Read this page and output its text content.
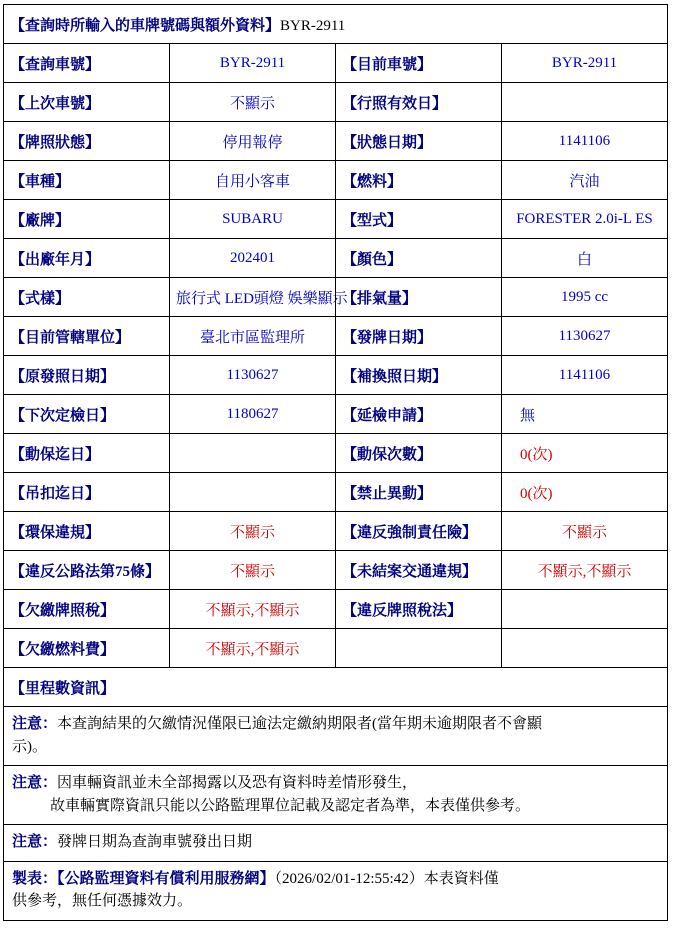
【查詢時所輸入的車牌號碼與額外資料】BYR-2911			
【查詢車號】	BYR-2911	【目前車號】	BYR-2911
【上次車號】	不顯示	【行照有效日】	
【牌照狀態】	停用報停	【狀態日期】	1141106
【車種】	自用小客車	【燃料】	汽油
【廠牌】	SUBARU	【型式】	FORESTER 2.0i-L ES
【出廠年月】	202401	【顏色】	白
【式樣】	旅行式 LED頭燈 娛樂顯示	【排氣量】	1995 cc
【目前管轄單位】	臺北市區監理所	【發牌日期】	1130627
【原發照日期】	1130627	【補換照日期】	1141106
【下次定檢日】	1180627	【延檢申請】	無
【動保迄日】		【動保次數】	0(次)
【吊扣迄日】		【禁止異動】	0(次)
【環保違規】	不顯示	【違反強制責任險】	不顯示
【違反公路法第75條】	不顯示	【未結案交通違規】	不顯示,不顯示
【欠繳牌照稅】	不顯示,不顯示	【違反牌照稅法】	
【欠繳燃料費】	不顯示,不顯示		
【里程數資訊】			
注意：本查詢結果的欠繳情況僅限已逾法定繳納期限者(當年期未逾期限者不會顯
示)。
注意：因車輛資訊並未全部揭露以及恐有資料時差情形發生，
故車輛實際資訊只能以公路監理單位記載及認定者為準，本表僅供參考。
注意：發牌日期為查詢車號發出日期
製表：【公路監理資料有償利用服務網】（2026/02/01-12:55:42）本表資料僅
供參考，無任何憑據效力。
